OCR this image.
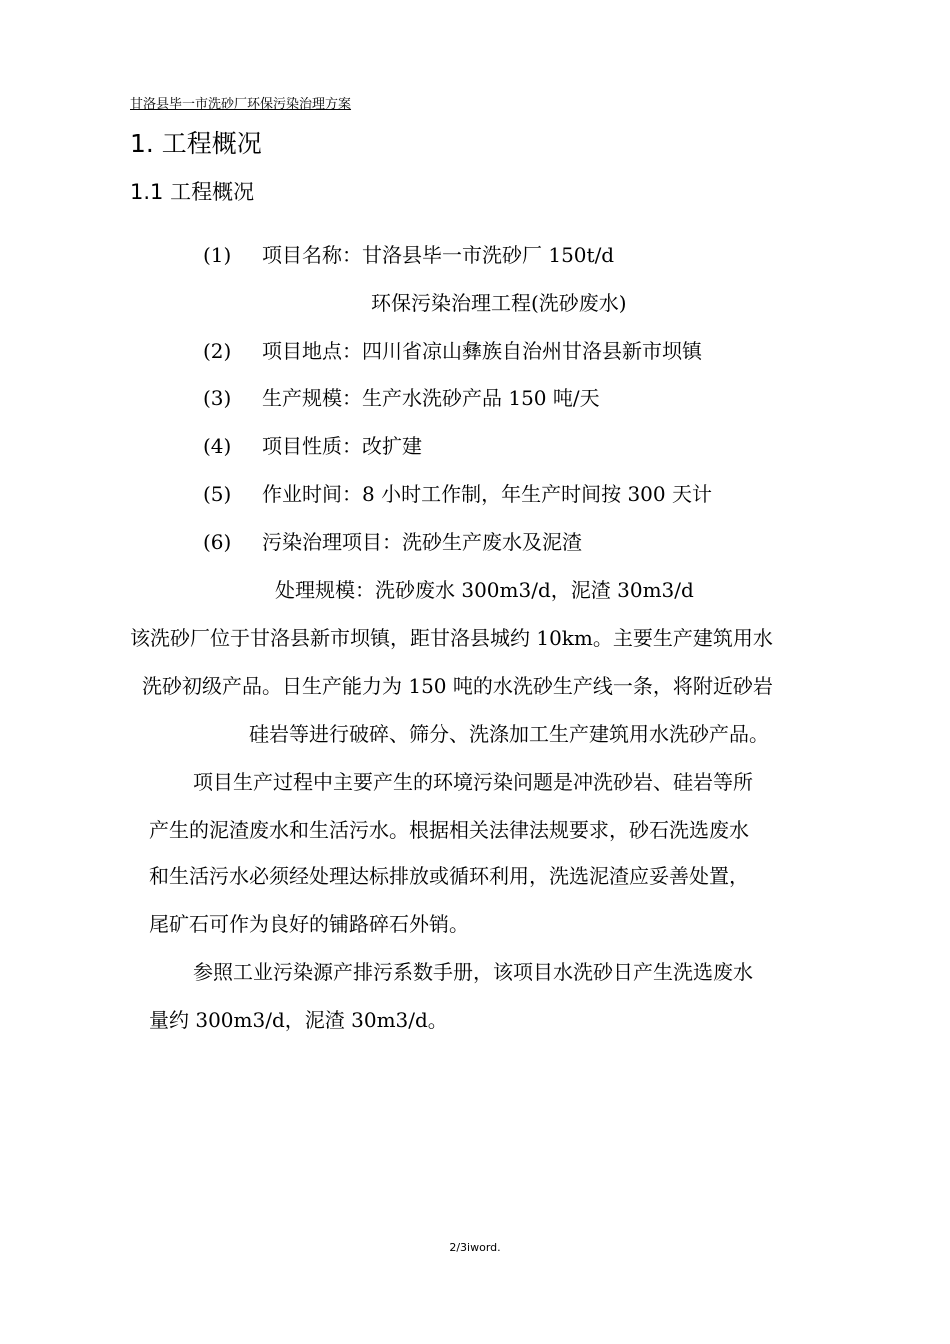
甘洛县毕一市洗砂厂环保污染治理方案
1. 工程概况
1.1 工程概况
(1) 项目名称：甘洛县毕一市洗砂厂 150t/d
环保污染治理工程(洗砂废水)
(2) 项目地点：四川省凉山彝族自治州甘洛县新市坝镇
(3) 生产规模：生产水洗砂产品 150 吨/天
(4) 项目性质：改扩建
(5) 作业时间：8 小时工作制，年生产时间按 300 天计
(6) 污染治理项目：洗砂生产废水及泥渣
处理规模：洗砂废水 300m3/d，泥渣 30m3/d
该洗砂厂位于甘洛县新市坝镇，距甘洛县城约 10km。主要生产建筑用水
洗砂初级产品。日生产能力为 150 吨的水洗砂生产线一条，将附近砂岩
硅岩等进行破碎、筛分、洗涤加工生产建筑用水洗砂产品。
项目生产过程中主要产生的环境污染问题是冲洗砂岩、硅岩等所
产生的泥渣废水和生活污水。根据相关法律法规要求，砂石洗选废水
和生活污水必须经处理达标排放或循环利用，洗选泥渣应妥善处置，
尾矿石可作为良好的铺路碎石外销。
参照工业污染源产排污系数手册，该项目水洗砂日产生洗选废水
量约 300m3/d，泥渣 30m3/d。
2/3iword.
